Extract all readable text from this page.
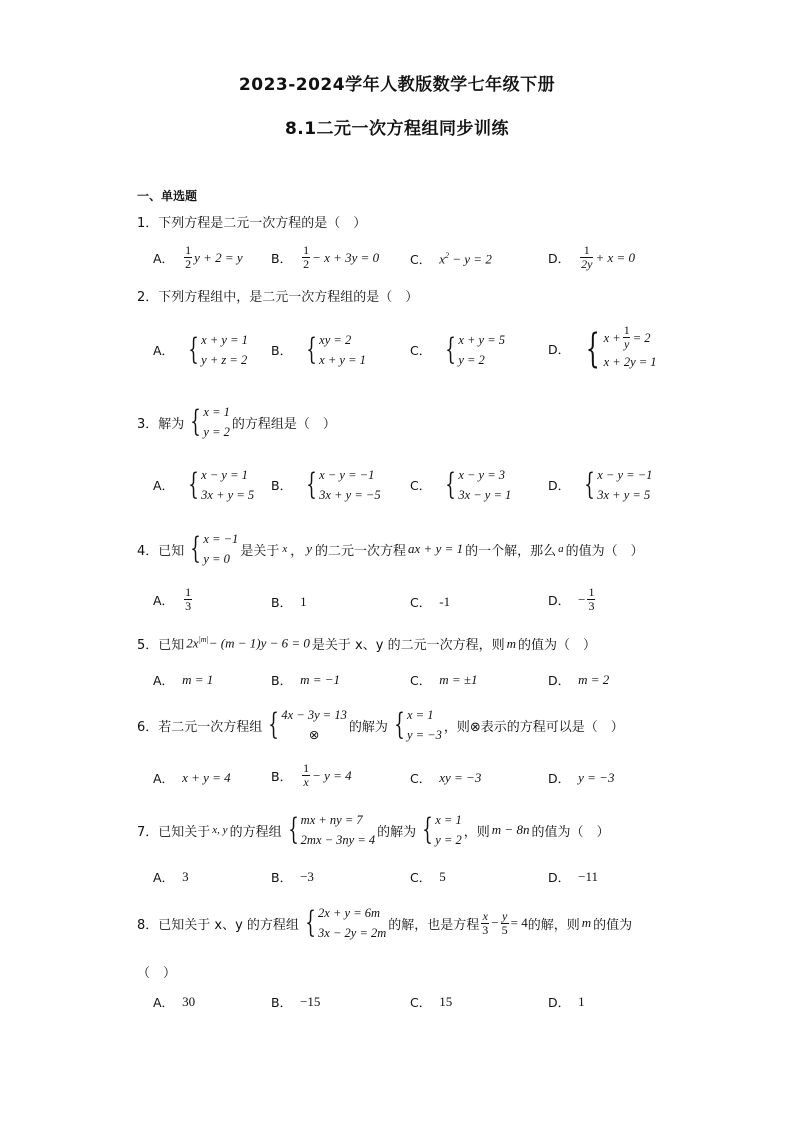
2023-2024学年人教版数学七年级下册
8.1二元一次方程组同步训练
一、单选题
1． 下列方程是二元一次方程的是（　）
A． $\frac{1}{2}$ y + 2 = y B． $\frac{1}{2} - x + 3y = 0$ C． $x^2 - y = 2$	D． $\frac{1}{2y} + x = 0$
2． 下列方程组中，是二元一次方程组的是（　）
A． { x + y = 1
y + z = 2
B． { xy = 2
x + y = 1
C． { x + y = 5
y = 2
D． { $x + \frac{1}{y} = 2$
x + 2y = 1
3． 解为 { x = 1
y = 2
的方程组是（　）
A． { x − y = 1
3x + y = 5
B． { x − y = −1
3x + y = −5
C． { x − y = 3
3x − y = 1
D． { x − y = −1
3x + y = 5
4． 已知 { x = −1
y = 0
是关于 x ， y 的二元一次方程 ax + y = 1 的一个解，那么 a 的值为（　）
A． $\frac{1}{3}$	B． 1	C． -1	D． − $\frac{1}{3}$
5． 已知 $2x^{|m|}- (m - 1)y - 6 = 0$ 是关于 x、y 的二元一次方程，则 m 的值为（　）
A． m = 1	B． m = −1	C． m = ±1	D． m = 2
6． 若二元一次方程组 { 4x − 3y = 13
⊗
的解为 { x = 1
y = −3
，则⊗表示的方程可以是（　）
A． x + y = 4	B． $\frac{1}{x} - y = 4$	C． xy = −3	D． y = −3
7． 已知关于 x, y 的方程组 { mx + ny = 7
2mx − 3ny = 4
的解为 { x = 1
y = 2
，则 m − 8n 的值为（　）
A． 3	B． −3	C． 5	D． −11
8． 已知关于 x、y 的方程组 { 2x + y = 6m
3x − 2y = 2m
的解，也是方程 $\frac{x}{3} - \frac{y}{5} = 4$ 的解，则 m 的值为
（　）
A． 30	B． −15	C． 15	D． 1
